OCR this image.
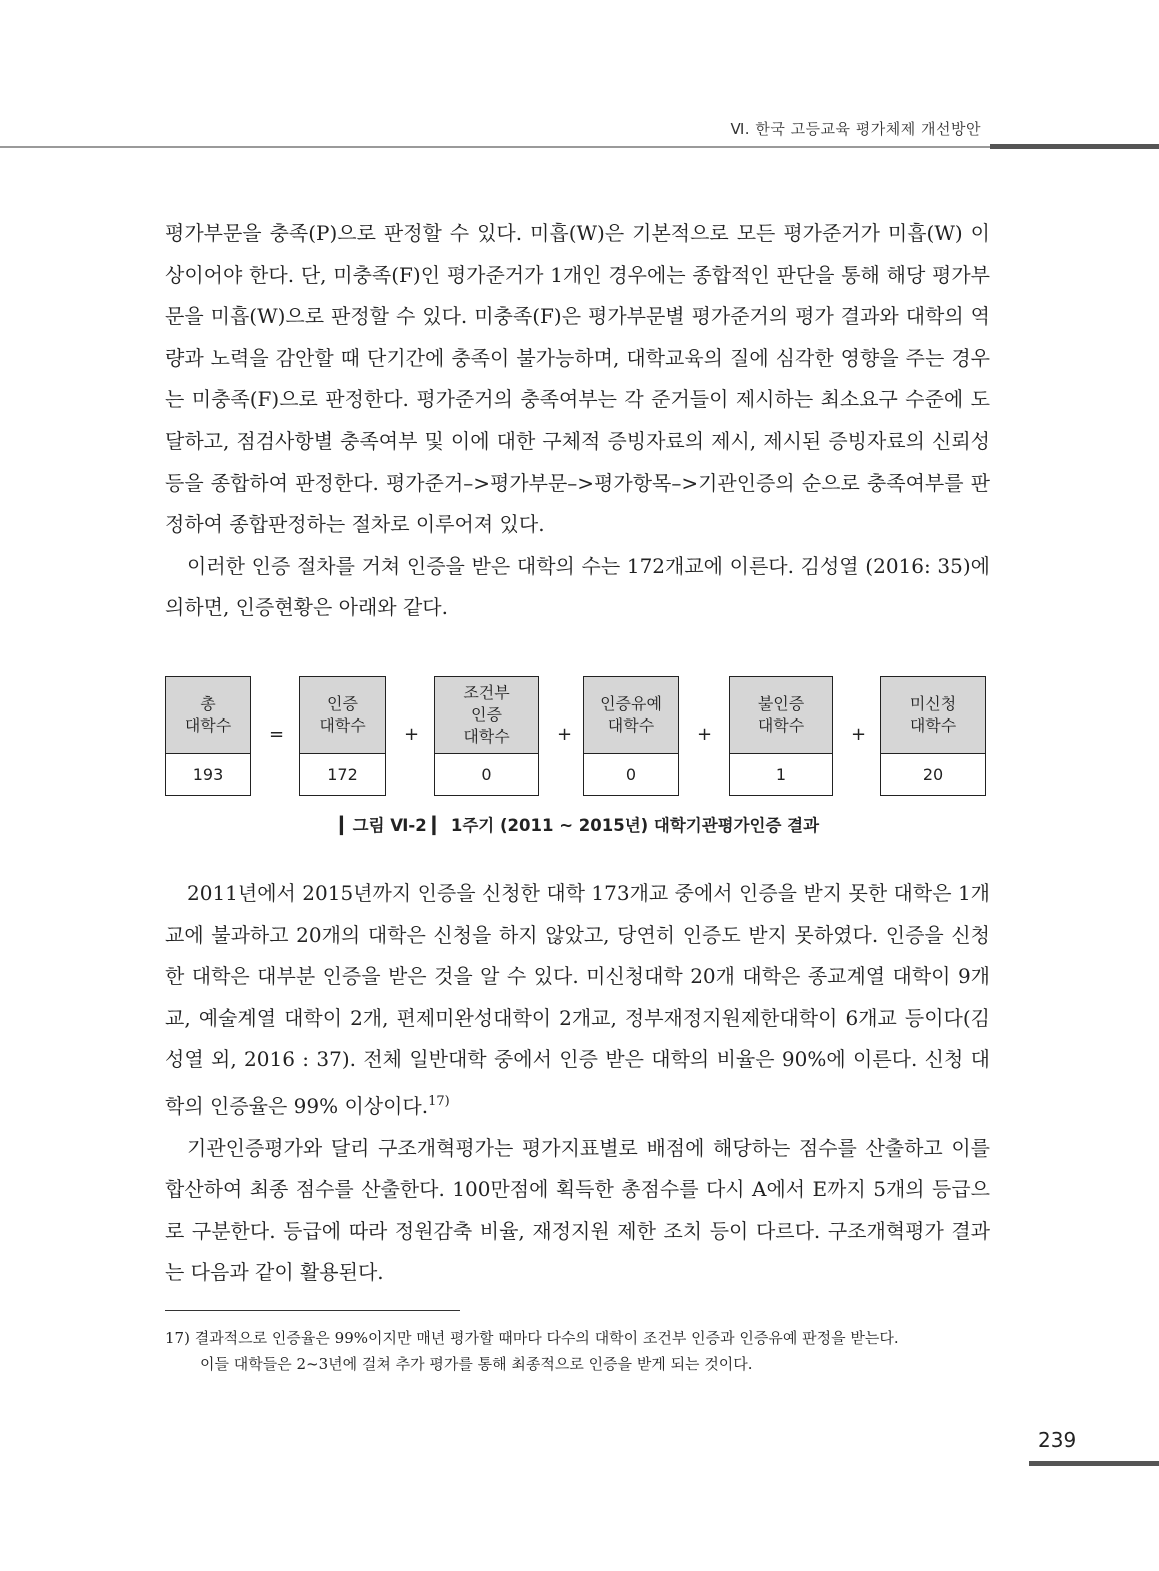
Ⅵ. 한국 고등교육 평가체제 개선방안

평가부문을 충족(P)으로 판정할 수 있다. 미흡(W)은 기본적으로 모든 평가준거가 미흡(W) 이상이어야 한다. 단, 미충족(F)인 평가준거가 1개인 경우에는 종합적인 판단을 통해 해당 평가부문을 미흡(W)으로 판정할 수 있다. 미충족(F)은 평가부문별 평가준거의 평가 결과와 대학의 역량과 노력을 감안할 때 단기간에 충족이 불가능하며, 대학교육의 질에 심각한 영향을 주는 경우는 미충족(F)으로 판정한다. 평가준거의 충족여부는 각 준거들이 제시하는 최소요구 수준에 도달하고, 점검사항별 충족여부 및 이에 대한 구체적 증빙자료의 제시, 제시된 증빙자료의 신뢰성 등을 종합하여 판정한다. 평가준거–>평가부문–>평가항목–>기관인증의 순으로 충족여부를 판정하여 종합판정하는 절차로 이루어져 있다.

이러한 인증 절차를 거쳐 인증을 받은 대학의 수는 172개교에 이른다. 김성열 (2016: 35)에 의하면, 인증현황은 아래와 같다.

총
대학수
193
=
인증
대학수
172
+
조건부
인증
대학수
0
+
인증유예
대학수
0
+
불인증
대학수
1
+
미신청
대학수
20
▎그림 Ⅵ-2 ▎ 1주기 (2011 ~ 2015년) 대학기관평가인증 결과

2011년에서 2015년까지 인증을 신청한 대학 173개교 중에서 인증을 받지 못한 대학은 1개교에 불과하고 20개의 대학은 신청을 하지 않았고, 당연히 인증도 받지 못하였다. 인증을 신청한 대학은 대부분 인증을 받은 것을 알 수 있다. 미신청대학 20개 대학은 종교계열 대학이 9개교, 예술계열 대학이 2개, 편제미완성대학이 2개교, 정부재정지원제한대학이 6개교 등이다(김성열 외, 2016 : 37). 전체 일반대학 중에서 인증 받은 대학의 비율은 90%에 이른다. 신청 대학의 인증율은 99% 이상이다.$^{17)}$

기관인증평가와 달리 구조개혁평가는 평가지표별로 배점에 해당하는 점수를 산출하고 이를 합산하여 최종 점수를 산출한다. 100만점에 획득한 총점수를 다시 A에서 E까지 5개의 등급으로 구분한다. 등급에 따라 정원감축 비율, 재정지원 제한 조치 등이 다르다. 구조개혁평가 결과는 다음과 같이 활용된다.

17) 결과적으로 인증율은 99%이지만 매년 평가할 때마다 다수의 대학이 조건부 인증과 인증유예 판정을 받는다.
이들 대학들은 2~3년에 걸쳐 추가 평가를 통해 최종적으로 인증을 받게 되는 것이다.
239
